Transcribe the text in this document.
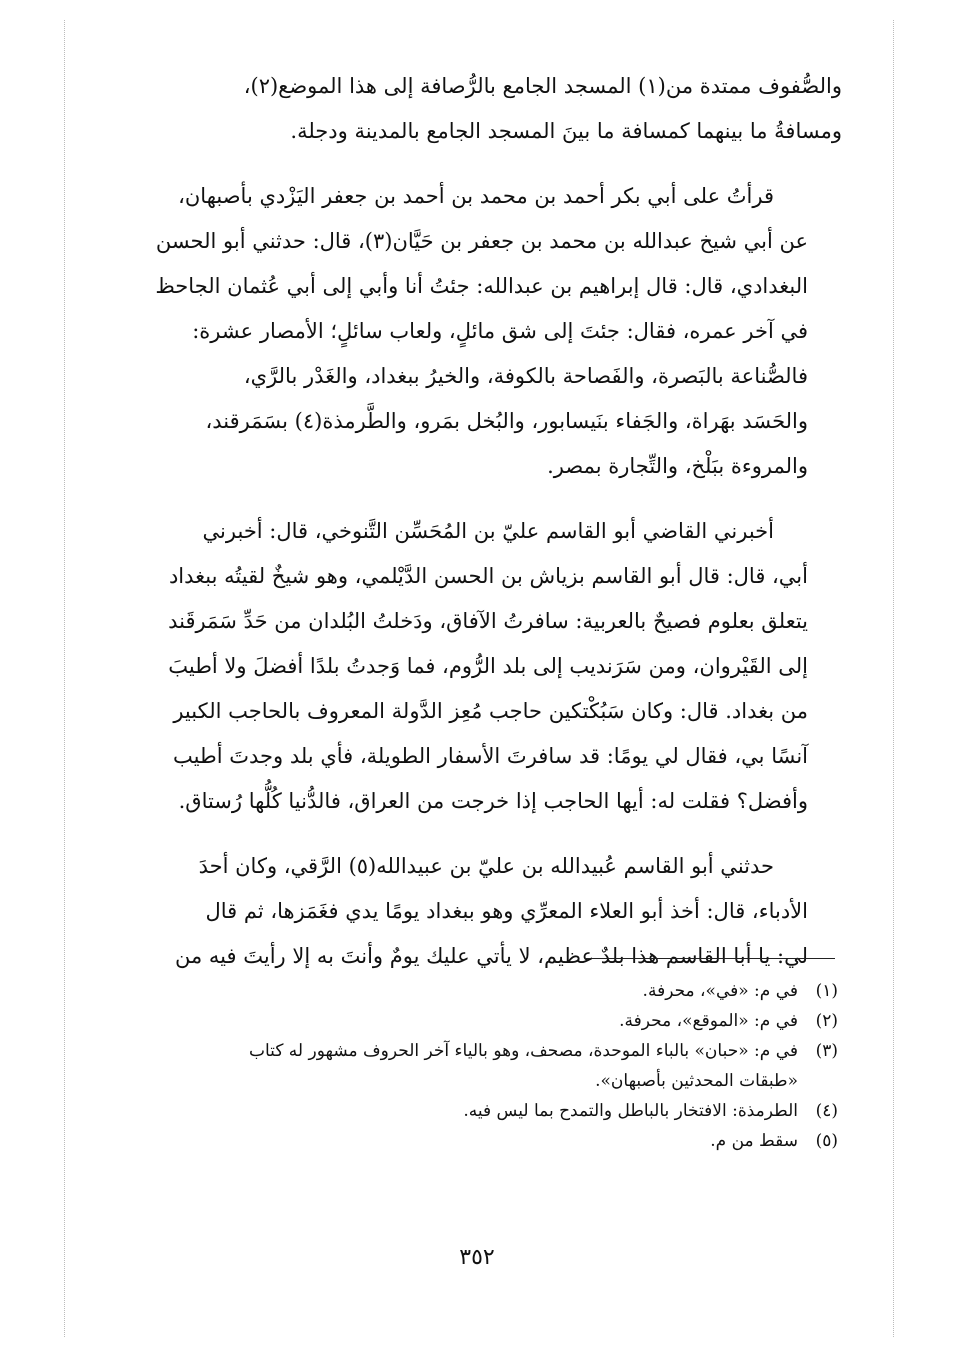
والصُّفوف ممتدة من(١) المسجد الجامع بالرُّصافة إلى هذا الموضع(٢)،
ومسافةُ ما بينهما كمسافة ما بينَ المسجد الجامع بالمدينة ودجلة.
قرأتُ على أبي بكر أحمد بن محمد بن أحمد بن جعفر اليَزْدي بأصبهان،
عن أبي شيخ عبدالله بن محمد بن جعفر بن حَيَّان(٣)، قال: حدثني أبو الحسن
البغدادي، قال: قال إبراهيم بن عبدالله: جئتُ أنا وأبي إلى أبي عُثمان الجاحظ
في آخر عمره، فقال: جئتَ إلى شق مائلٍ، ولعاب سائلٍ؛ الأمصار عشرة:
فالصُّناعة بالبَصرة، والفَصاحة بالكوفة، والخيرُ ببغداد، والغَدْر بالرَّي،
والحَسَد بهَراة، والجَفاء بنَيسابور، والبُخل بمَرو، والطَّرمذة(٤) بسَمَرقند،
والمروءة ببَلْخ، والتِّجارة بمصر.
أخبرني القاضي أبو القاسم عليّ بن المُحَسِّن التَّنوخي، قال: أخبرني
أبي، قال: قال أبو القاسم بزياش بن الحسن الدَّيْلمي، وهو شيخٌ لقيتُه ببغداد
يتعلق بعلوم فصيحٌ بالعربية: سافرتُ الآفاق، ودَخلتُ البُلدان من حَدِّ سَمَرقَند
إلى القَيْروان، ومن سَرَنديب إلى بلد الرُّوم، فما وَجدتُ بلدًا أفضلَ ولا أطيبَ
من بغداد. قال: وكان سَبُكْتكين حاجب مُعِز الدَّولة المعروف بالحاجب الكبير
آنسًا بي، فقال لي يومًا: قد سافرتَ الأسفار الطويلة، فأي بلد وجدتَ أطيب
وأفضل؟ فقلت له: أيها الحاجب إذا خرجت من العراق، فالدُّنيا كُلُّها رُستاق.
حدثني أبو القاسم عُبيدالله بن عليّ بن عبيدالله(٥) الرَّقي، وكان أحدَ
الأدباء، قال: أخذ أبو العلاء المعرِّي وهو ببغداد يومًا يدي فغَمَزها، ثم قال
لي: يا أبا القاسم هذا بلدٌ عظيم، لا يأتي عليك يومٌ وأنتَ به إلا رأيتَ فيه من
(١)
في م: «في»، محرفة.
(٢)
في م: «الموقع»، محرفة.
(٣)
في م: «حبان» بالباء الموحدة، مصحف، وهو بالياء آخر الحروف مشهور له كتاب
«طبقات المحدثين بأصبهان».
(٤)
الطرمذة: الافتخار بالباطل والتمدح بما ليس فيه.
(٥)
سقط من م.
٣٥٢
